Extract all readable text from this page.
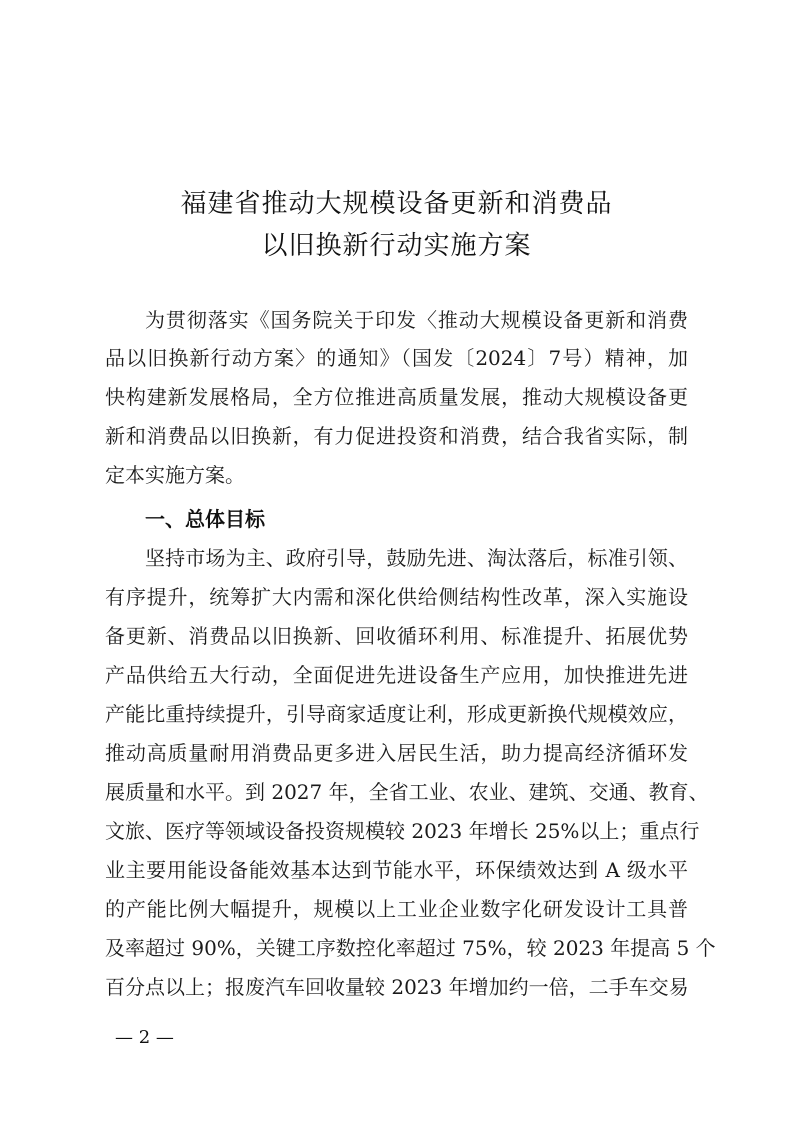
福建省推动大规模设备更新和消费品
以旧换新行动实施方案
为贯彻落实《国务院关于印发〈推动大规模设备更新和消费
品以旧换新行动方案〉的通知》（国发〔2024〕7号）精神，加
快构建新发展格局，全方位推进高质量发展，推动大规模设备更
新和消费品以旧换新，有力促进投资和消费，结合我省实际，制
定本实施方案。
一、总体目标
坚持市场为主、政府引导，鼓励先进、淘汰落后，标准引领、
有序提升，统筹扩大内需和深化供给侧结构性改革，深入实施设
备更新、消费品以旧换新、回收循环利用、标准提升、拓展优势
产品供给五大行动，全面促进先进设备生产应用，加快推进先进
产能比重持续提升，引导商家适度让利，形成更新换代规模效应，
推动高质量耐用消费品更多进入居民生活，助力提高经济循环发
展质量和水平。到 2027 年，全省工业、农业、建筑、交通、教育、
文旅、医疗等领域设备投资规模较 2023 年增长 25%以上；重点行
业主要用能设备能效基本达到节能水平，环保绩效达到 A 级水平
的产能比例大幅提升，规模以上工业企业数字化研发设计工具普
及率超过 90%，关键工序数控化率超过 75%，较 2023 年提高 5 个
百分点以上；报废汽车回收量较 2023 年增加约一倍，二手车交易
— 2 —
